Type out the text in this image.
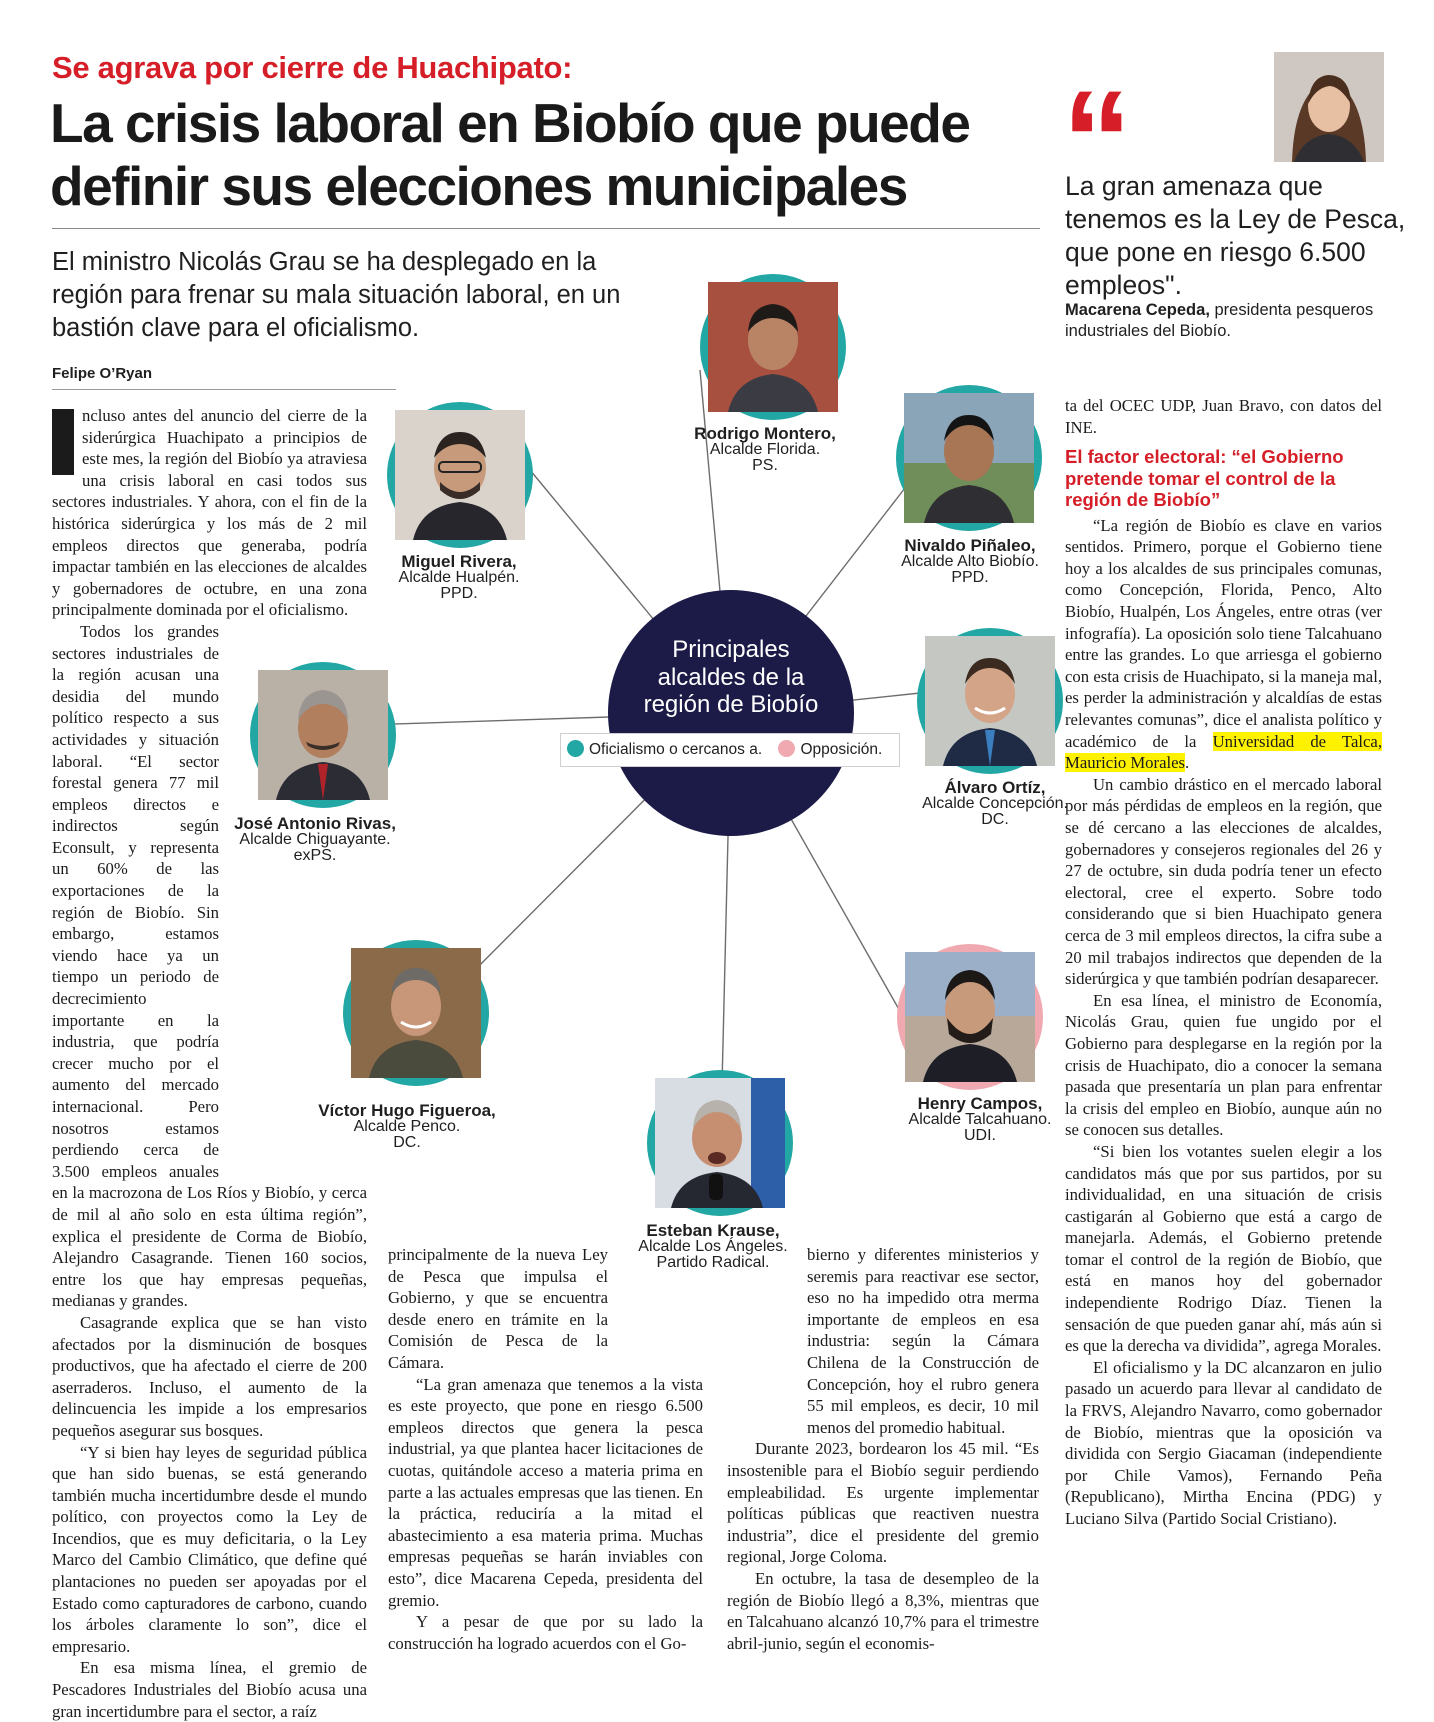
Se agrava por cierre de Huachipato:
La crisis laboral en Biobío que puede definir sus elecciones municipales
El ministro Nicolás Grau se ha desplegado en la región para frenar su mala situación laboral, en un bastión clave para el oficialismo.
Felipe O’Ryan
“
La gran amenaza que tenemos es la Ley de Pesca, que pone en riesgo 6.500 empleos".
Macarena Cepeda, presidenta pesqueros industriales del Biobío.
Principales alcaldes de la región de Biobío
Oficialismo o cercanos a. Opposición.
Rodrigo Montero,
Alcalde Florida.
PS.
Miguel Rivera,
Alcalde Hualpén.
PPD.
Nivaldo Piñaleo,
Alcalde Alto Biobío.
PPD.
José Antonio Rivas,
Alcalde Chiguayante.
exPS.
Álvaro Ortíz,
Alcalde Concepción.
DC.
Víctor Hugo Figueroa,
Alcalde Penco.
DC.
Henry Campos,
Alcalde Talcahuano.
UDI.
Esteban Krause,
Alcalde Los Ángeles.
Partido Radical.

ncluso antes del anuncio del cierre de la siderúrgica Huachipato a principios de este mes, la región del Biobío ya atraviesa una crisis laboral en casi todos sus sectores industriales. Y ahora, con el fin de la histórica siderúrgica y los más de 2 mil empleos directos que generaba, podría impactar también en las elecciones de alcaldes y gobernadores de octubre, en una zona principalmente dominada por el oficialismo.

Todos los grandes sectores industriales de la región acusan una desidia del mundo político respecto a sus actividades y situación laboral. “El sector forestal genera 77 mil empleos directos e indirectos según Econsult, y representa un 60% de las exportaciones de la región de Biobío. Sin embargo, estamos viendo hace ya un tiempo un periodo de decrecimiento importante en la industria, que podría crecer mucho por el aumento del mercado internacional. Pero nosotros estamos perdiendo cerca de 3.500 empleos anuales en la macrozona de Los Ríos y Biobío, y cerca de mil al año solo en esta última región”, explica el presidente de Corma de Biobío, Alejandro Casagrande. Tienen 160 socios, entre los que hay empresas pequeñas, medianas y grandes.

Casagrande explica que se han visto afectados por la disminución de bosques productivos, que ha afectado el cierre de 200 aserraderos. Incluso, el aumento de la delincuencia les impide a los empresarios pequeños asegurar sus bosques.

“Y si bien hay leyes de seguridad pública que han sido buenas, se está generando también mucha incertidumbre desde el mundo político, con proyectos como la Ley de Incendios, que es muy deficitaria, o la Ley Marco del Cambio Climático, que define qué plantaciones no pueden ser apoyadas por el Estado como capturadores de carbono, cuando los árboles claramente lo son”, dice el empresario.

En esa misma línea, el gremio de Pescadores Industriales del Biobío acusa una gran incertidumbre para el sector, a raíz

principalmente de la nueva Ley de Pesca que impulsa el Gobierno, y que se encuentra desde enero en trámite en la Comisión de Pesca de la Cámara.

“La gran amenaza que tenemos a la vista es este proyecto, que pone en riesgo 6.500 empleos directos que genera la pesca industrial, ya que plantea hacer licitaciones de cuotas, quitándole acceso a materia prima en parte a las actuales empresas que las tienen. En la práctica, reduciría a la mitad el abastecimiento a esa materia prima. Muchas empresas pequeñas se harán inviables con esto”, dice Macarena Cepeda, presidenta del gremio.

Y a pesar de que por su lado la construcción ha logrado acuerdos con el Go-

bierno y diferentes ministerios y seremis para reactivar ese sector, eso no ha impedido otra merma importante de empleos en esa industria: según la Cámara Chilena de la Construcción de Concepción, hoy el rubro genera 55 mil empleos, es decir, 10 mil menos del promedio habitual.

Durante 2023, bordearon los 45 mil. “Es insostenible para el Biobío seguir perdiendo empleabilidad. Es urgente implementar políticas públicas que reactiven nuestra industria”, dice el presidente del gremio regional, Jorge Coloma.

En octubre, la tasa de desempleo de la región de Biobío llegó a 8,3%, mientras que en Talcahuano alcanzó 10,7% para el trimestre abril-junio, según el economis-

ta del OCEC UDP, Juan Bravo, con datos del INE.

El factor electoral: “el Gobierno pretende tomar el control de la región de Biobío”

“La región de Biobío es clave en varios sentidos. Primero, porque el Gobierno tiene hoy a los alcaldes de sus principales comunas, como Concepción, Florida, Penco, Alto Biobío, Hualpén, Los Ángeles, entre otras (ver infografía). La oposición solo tiene Talcahuano entre las grandes. Lo que arriesga el gobierno con esta crisis de Huachipato, si la maneja mal, es perder la administración y alcaldías de estas relevantes comunas”, dice el analista político y académico de la Universidad de Talca, Mauricio Morales.

Un cambio drástico en el mercado laboral por más pérdidas de empleos en la región, que se dé cercano a las elecciones de alcaldes, gobernadores y consejeros regionales del 26 y 27 de octubre, sin duda podría tener un efecto electoral, cree el experto. Sobre todo considerando que si bien Huachipato genera cerca de 3 mil empleos directos, la cifra sube a 20 mil trabajos indirectos que dependen de la siderúrgica y que también podrían desaparecer.

En esa línea, el ministro de Economía, Nicolás Grau, quien fue ungido por el Gobierno para desplegarse en la región por la crisis de Huachipato, dio a conocer la semana pasada que presentaría un plan para enfrentar la crisis del empleo en Biobío, aunque aún no se conocen sus detalles.

“Si bien los votantes suelen elegir a los candidatos más que por sus partidos, por su individualidad, en una situación de crisis castigarán al Gobierno que está a cargo de manejarla. Además, el Gobierno pretende tomar el control de la región de Biobío, que está en manos hoy del gobernador independiente Rodrigo Díaz. Tienen la sensación de que pueden ganar ahí, más aún si es que la derecha va dividida”, agrega Morales.

El oficialismo y la DC alcanzaron en julio pasado un acuerdo para llevar al candidato de la FRVS, Alejandro Navarro, como gobernador de Biobío, mientras que la oposición va dividida con Sergio Giacaman (independiente por Chile Vamos), Fernando Peña (Republicano), Mirtha Encina (PDG) y Luciano Silva (Partido Social Cristiano).
